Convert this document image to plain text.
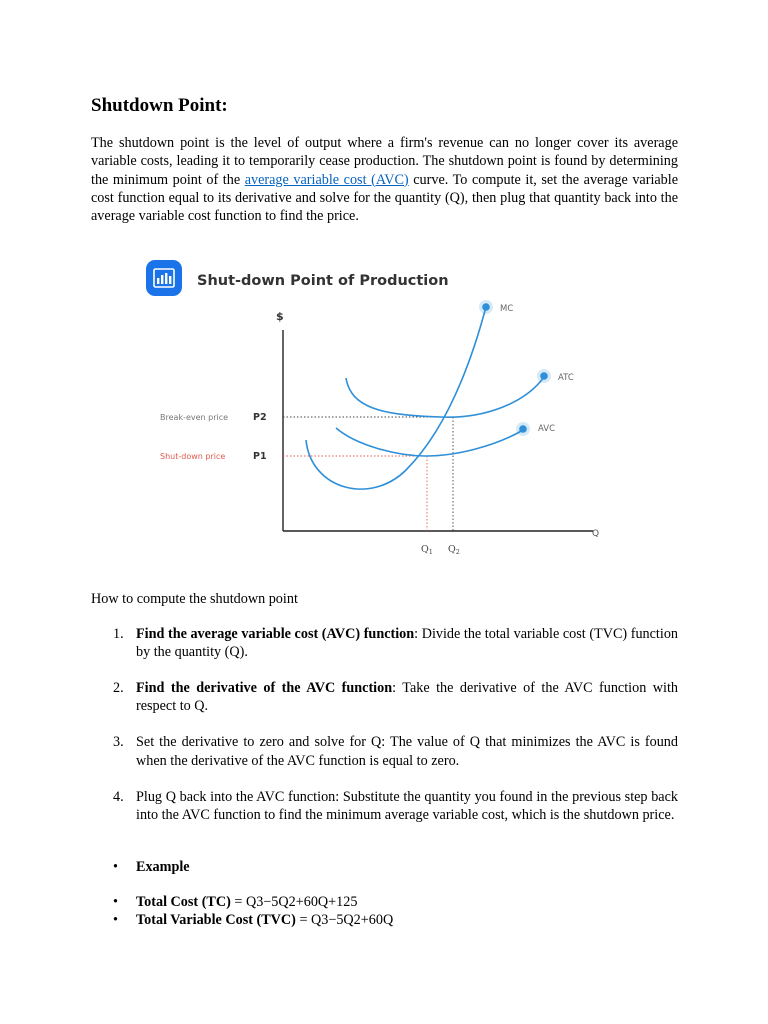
Shutdown Point:

The shutdown point is the level of output where a firm's revenue can no longer cover its average variable costs, leading it to temporarily cease production. The shutdown point is found by determining the minimum point of the average variable cost (AVC) curve. To compute it, set the average variable cost function equal to its derivative and solve for the quantity (Q), then plug that quantity back into the average variable cost function to find the price.

Shut-down Point of Production
$
Q
MC
ATC
AVC
Break-even price	P2
Shut-down price	P1
$Q_1$ $Q_2$

How to compute the shutdown point

1. Find the average variable cost (AVC) function: Divide the total variable cost (TVC) function by the quantity (Q).
2. Find the derivative of the AVC function: Take the derivative of the AVC function with respect to Q.
3. Set the derivative to zero and solve for Q: The value of Q that minimizes the AVC is found when the derivative of the AVC function is equal to zero.
4. Plug Q back into the AVC function: Substitute the quantity you found in the previous step back into the AVC function to find the minimum average variable cost, which is the shutdown price.
• Example
• Total Cost (TC) = Q3−5Q2+60Q+125
• Total Variable Cost (TVC) = Q3−5Q2+60Q
